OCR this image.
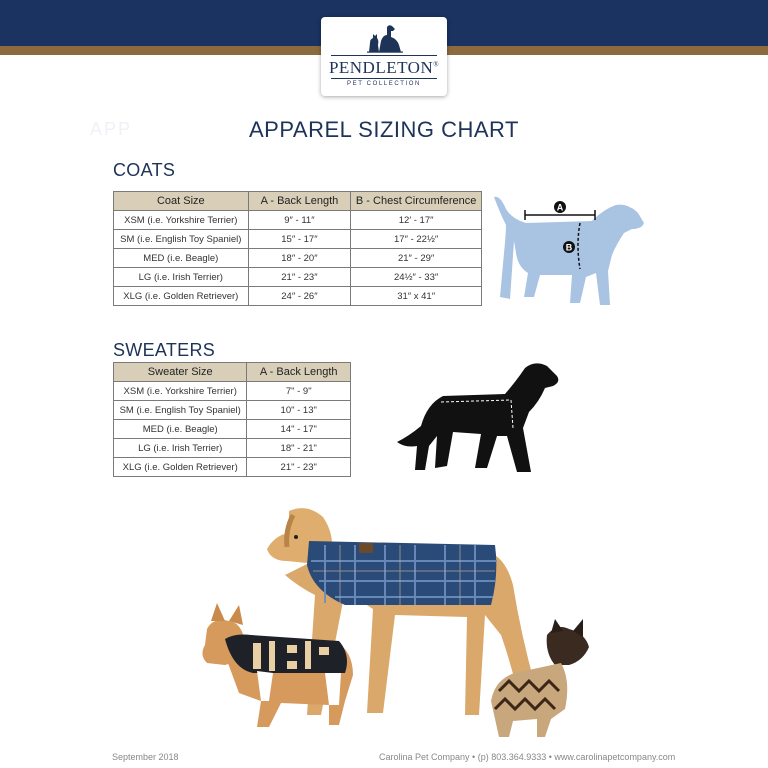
PENDLETON®
PET COLLECTION
APP	APPAREL SIZING CHART
COATS
Coat Size	A - Back Length	B - Chest Circumference
XSM (i.e. Yorkshire Terrier)	9″ - 11″	12′ - 17″
SM (i.e. English Toy Spaniel)	15″ - 17″	17″ - 22½″
MED (i.e. Beagle)	18″ - 20″	21″ - 29″
LG (i.e. Irish Terrier)	21″ - 23″	24½″ - 33″
XLG (i.e. Golden Retriever)	24″ - 26″	31″ x 41″
A
B
SWEATERS
Sweater Size	A - Back Length
XSM (i.e. Yorkshire Terrier)	7" - 9"
SM (i.e. English Toy Spaniel)	10" - 13"
MED (i.e. Beagle)	14" - 17"
LG (i.e. Irish Terrier)	18" - 21"
XLG (i.e. Golden Retriever)	21" - 23"
September 2018	Carolina Pet Company • (p) 803.364.9333 • www.carolinapetcompany.com
